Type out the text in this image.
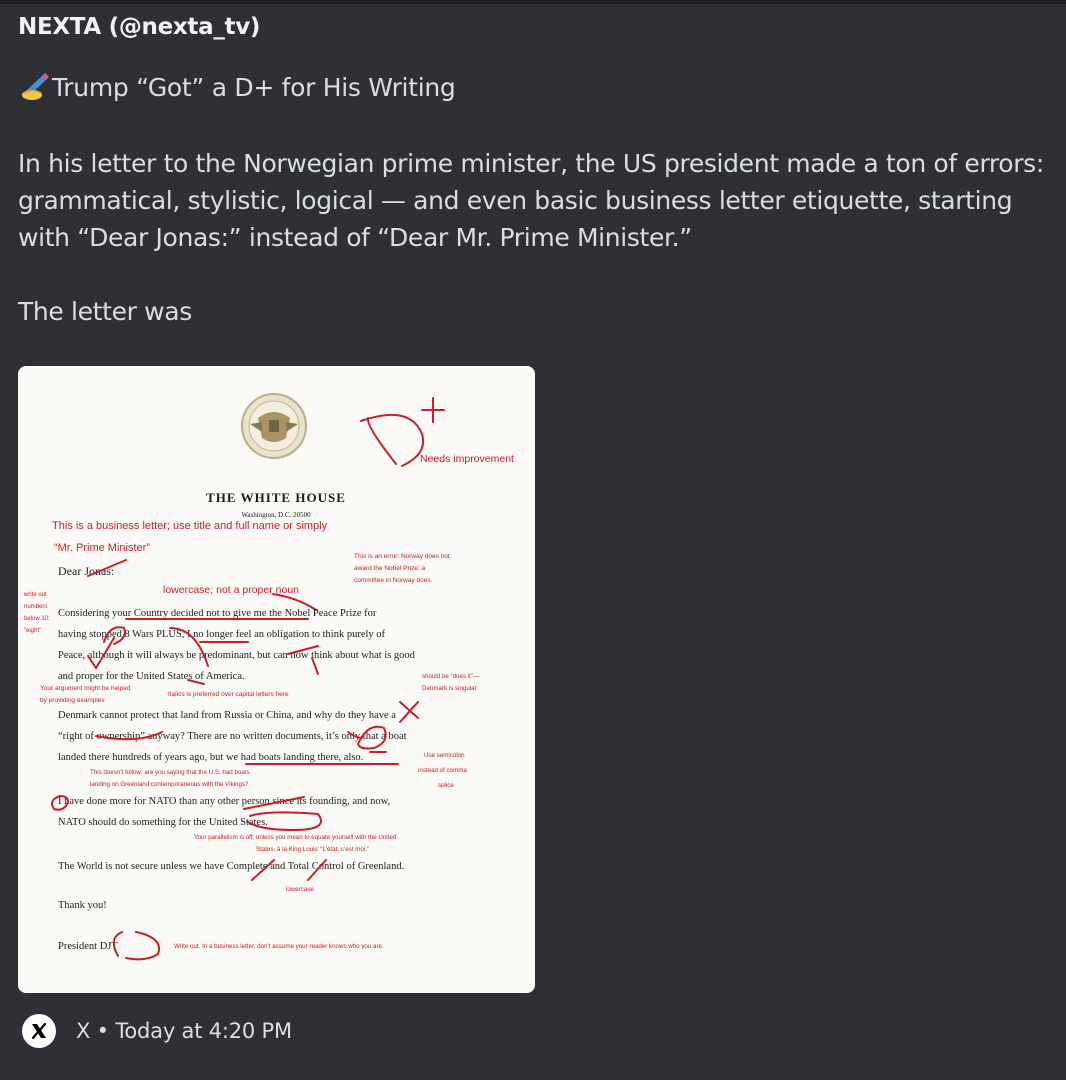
NEXTA (@nexta_tv)
Trump “Got” a D+ for His Writing

In his letter to the Norwegian prime minister, the US president made a ton of errors: grammatical, stylistic, logical — and even basic business letter etiquette, starting with “Dear Jonas:” instead of “Dear Mr. Prime Minister.”

The letter was

Needs improvement
THE WHITE HOUSE
Washington, D.C. 20500
This is a business letter; use title and full name or simply
“Mr. Prime Minister”
This is an error: Norway does not
award the Nobel Prize; a
committee in Norway does.
Dear Jonas:
lowercase; not a proper noun
write out
numbers
below 10:
“eight”
Considering your Country decided not to give me the Nobel Peace Prize for
having stopped 8 Wars PLUS, I no longer feel an obligation to think purely of
Peace, although it will always be predominant, but can now think about what is good
and proper for the United States of America.
Denmark cannot protect that land from Russia or China, and why do they have a
“right of ownership” anyway? There are no written documents, it’s only that a boat
landed there hundreds of years ago, but we had boats landing there, also.
I have done more for NATO than any other person since its founding, and now,
NATO should do something for the United States.
The World is not secure unless we have Complete and Total Control of Greenland.
Thank you!
President DJT
Your argument might be helped
by providing examples
Italics is preferred over capital letters here
should be “does it”—
Denmark is singular
Use semicolon
instead of comma
splice
This doesn’t follow; are you saying that the U.S. had boats
landing on Greenland contemporaneous with the Vikings?
Your parallelism is off; unless you mean to equate yourself with the United
States, à la King Louis’ “L’état, c’est moi.”
lowercase
Write out. In a business letter, don’t assume your reader knows who you are.
X • Today at 4:20 PM
